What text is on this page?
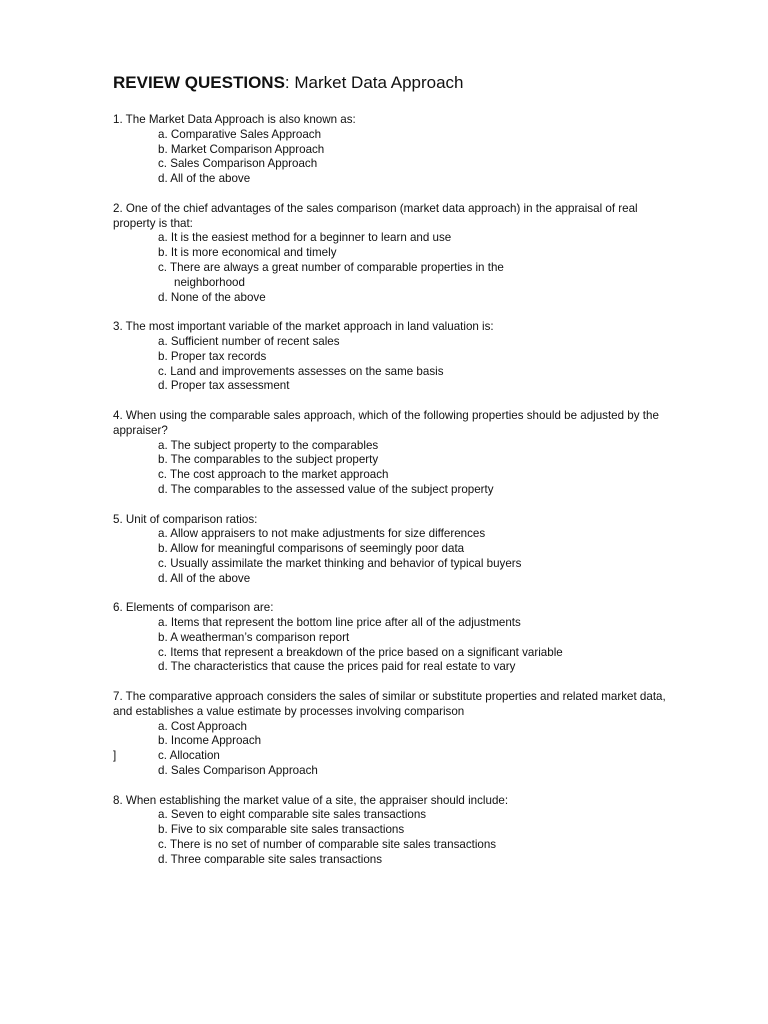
REVIEW QUESTIONS: Market Data Approach
1. The Market Data Approach is also known as:
a. Comparative Sales Approach
b. Market Comparison Approach
c. Sales Comparison Approach
d. All of the above
2. One of the chief advantages of the sales comparison (market data approach) in the appraisal of real property is that:
a. It is the easiest method for a beginner to learn and use
b. It is more economical and timely
c. There are always a great number of comparable properties in the
neighborhood
d. None of the above
3. The most important variable of the market approach in land valuation is:
a. Sufficient number of recent sales
b. Proper tax records
c. Land and improvements assesses on the same basis
d. Proper tax assessment
4. When using the comparable sales approach, which of the following properties should be adjusted by the appraiser?
a. The subject property to the comparables
b. The comparables to the subject property
c. The cost approach to the market approach
d. The comparables to the assessed value of the subject property
5. Unit of comparison ratios:
a. Allow appraisers to not make adjustments for size differences
b. Allow for meaningful comparisons of seemingly poor data
c. Usually assimilate the market thinking and behavior of typical buyers
d. All of the above
6. Elements of comparison are:
a. Items that represent the bottom line price after all of the adjustments
b. A weatherman’s comparison report
c. Items that represent a breakdown of the price based on a significant variable
d. The characteristics that cause the prices paid for real estate to vary
7. The comparative approach considers the sales of similar or substitute properties and related market data, and establishes a value estimate by processes involving comparison
a. Cost Approach
b. Income Approach
]	c. Allocation
d. Sales Comparison Approach
8. When establishing the market value of a site, the appraiser should include:
a. Seven to eight comparable site sales transactions
b. Five to six comparable site sales transactions
c. There is no set of number of comparable site sales transactions
d. Three comparable site sales transactions
